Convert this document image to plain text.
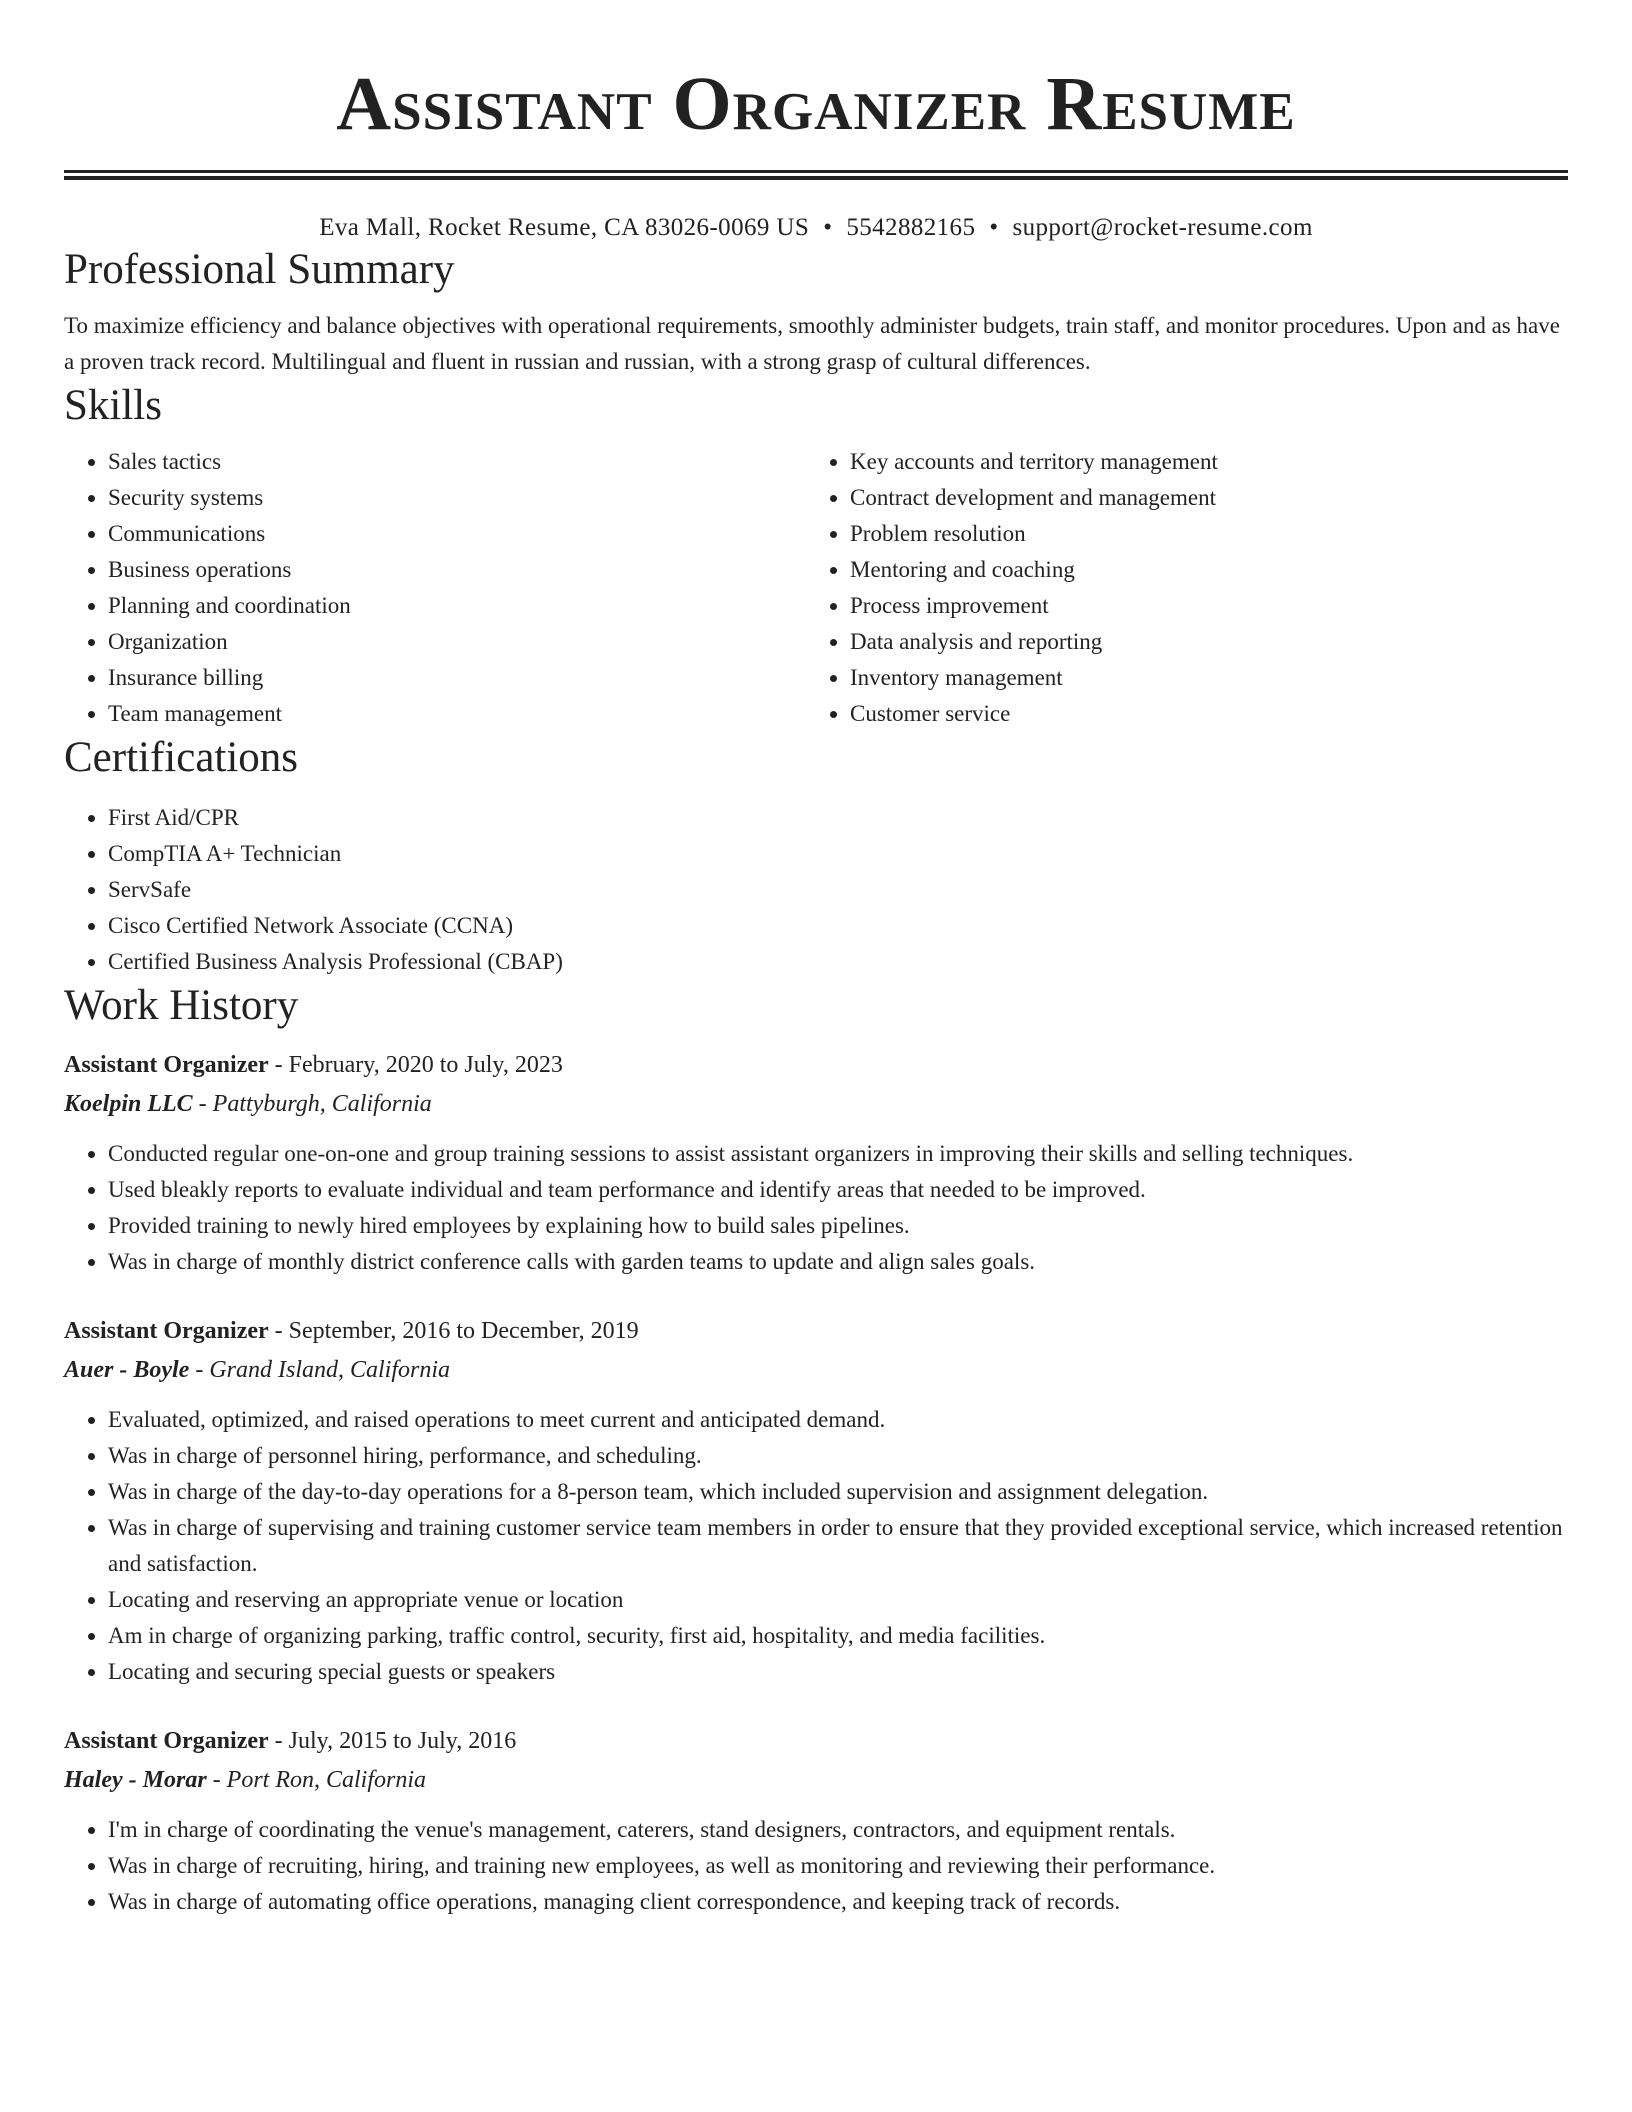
Assistant Organizer Resume
Eva Mall, Rocket Resume, CA 83026-0069 US • 5542882165 • support@rocket-resume.com
Professional Summary

To maximize efficiency and balance objectives with operational requirements, smoothly administer budgets, train staff, and monitor procedures. Upon and as have a proven track record. Multilingual and fluent in russian and russian, with a strong grasp of cultural differences.

Skills
• Sales tactics
• Security systems
• Communications
• Business operations
• Planning and coordination
• Organization
• Insurance billing
• Team management
• Key accounts and territory management
• Contract development and management
• Problem resolution
• Mentoring and coaching
• Process improvement
• Data analysis and reporting
• Inventory management
• Customer service
Certifications
• First Aid/CPR
• CompTIA A+ Technician
• ServSafe
• Cisco Certified Network Associate (CCNA)
• Certified Business Analysis Professional (CBAP)
Work History
Assistant Organizer - February, 2020 to July, 2023
Koelpin LLC - Pattyburgh, California
• Conducted regular one-on-one and group training sessions to assist assistant organizers in improving their skills and selling techniques.
• Used bleakly reports to evaluate individual and team performance and identify areas that needed to be improved.
• Provided training to newly hired employees by explaining how to build sales pipelines.
• Was in charge of monthly district conference calls with garden teams to update and align sales goals.
Assistant Organizer - September, 2016 to December, 2019
Auer - Boyle - Grand Island, California
• Evaluated, optimized, and raised operations to meet current and anticipated demand.
• Was in charge of personnel hiring, performance, and scheduling.
• Was in charge of the day-to-day operations for a 8-person team, which included supervision and assignment delegation.
• Was in charge of supervising and training customer service team members in order to ensure that they provided exceptional service, which increased retention and satisfaction.
• Locating and reserving an appropriate venue or location
• Am in charge of organizing parking, traffic control, security, first aid, hospitality, and media facilities.
• Locating and securing special guests or speakers
Assistant Organizer - July, 2015 to July, 2016
Haley - Morar - Port Ron, California
• I'm in charge of coordinating the venue's management, caterers, stand designers, contractors, and equipment rentals.
• Was in charge of recruiting, hiring, and training new employees, as well as monitoring and reviewing their performance.
• Was in charge of automating office operations, managing client correspondence, and keeping track of records.
